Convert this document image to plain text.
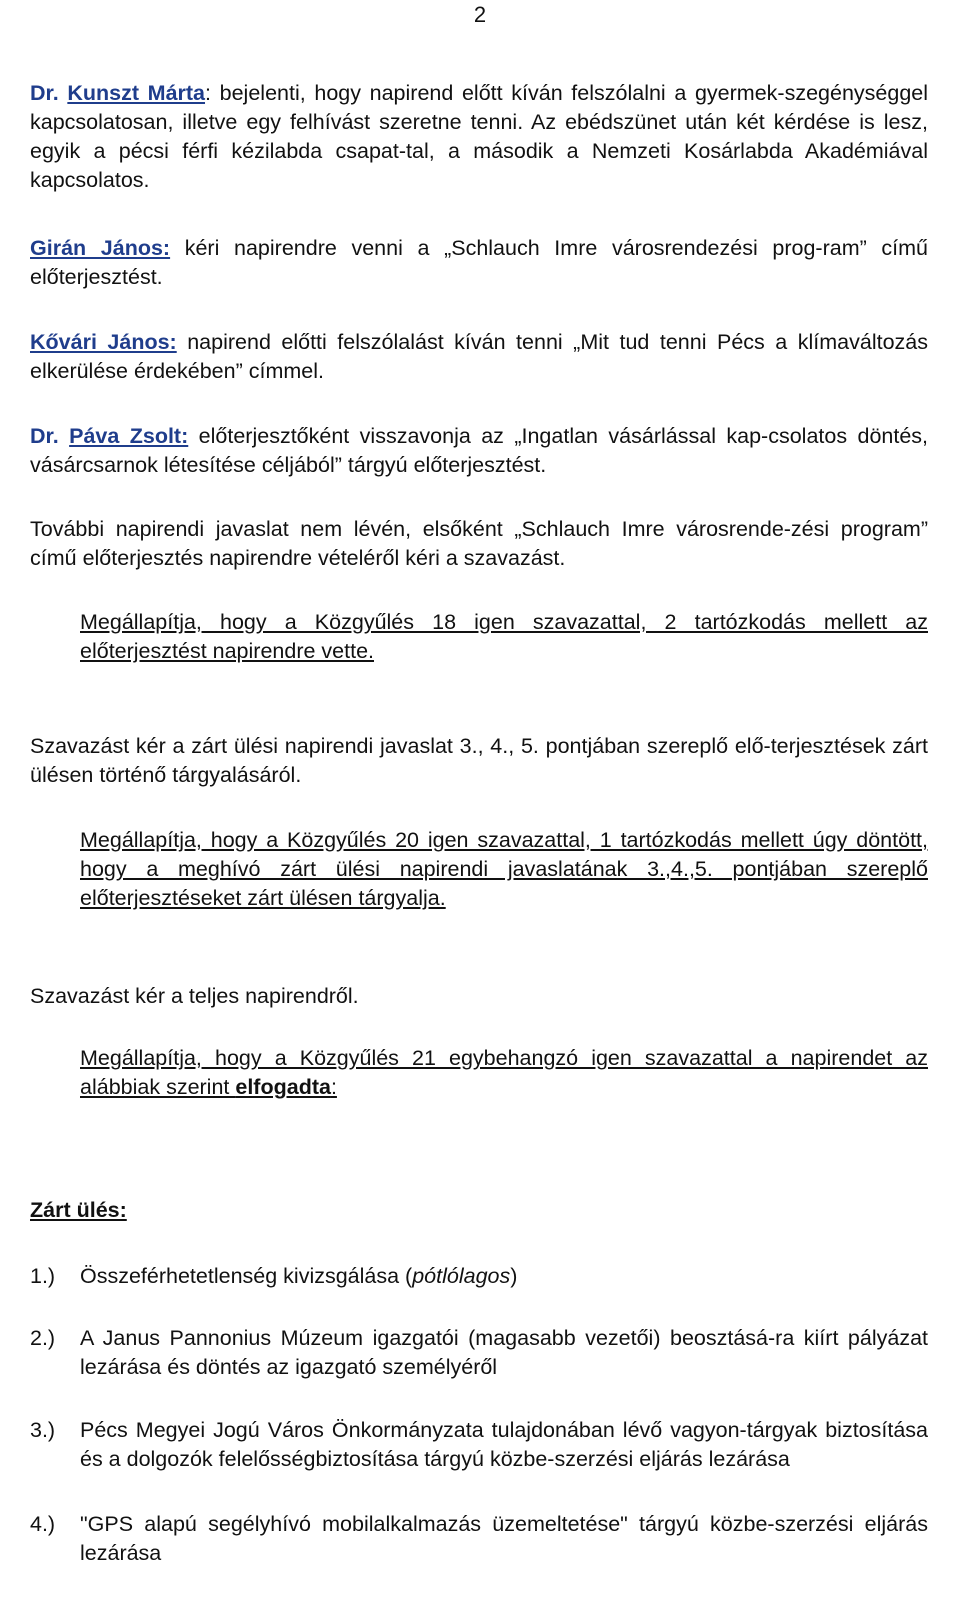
2

Dr. Kunszt Márta: bejelenti, hogy napirend előtt kíván felszólalni a gyermek-szegénységgel kapcsolatosan, illetve egy felhívást szeretne tenni. Az ebédszünet után két kérdése is lesz, egyik a pécsi férfi kézilabda csapat-tal, a második a Nemzeti Kosárlabda Akadémiával kapcsolatos.

Girán János: kéri napirendre venni a „Schlauch Imre városrendezési prog-ram” című előterjesztést.

Kővári János: napirend előtti felszólalást kíván tenni „Mit tud tenni Pécs a klímaváltozás elkerülése érdekében” címmel.

Dr. Páva Zsolt: előterjesztőként visszavonja az „Ingatlan vásárlással kap-csolatos döntés, vásárcsarnok létesítése céljából” tárgyú előterjesztést.

További napirendi javaslat nem lévén, elsőként „Schlauch Imre városrende-zési program” című előterjesztés napirendre vételéről kéri a szavazást.

Megállapítja, hogy a Közgyűlés 18 igen szavazattal, 2 tartózkodás mellett az előterjesztést napirendre vette.

Szavazást kér a zárt ülési napirendi javaslat 3., 4., 5. pontjában szereplő elő-terjesztések zárt ülésen történő tárgyalásáról.

Megállapítja, hogy a Közgyűlés 20 igen szavazattal, 1 tartózkodás mellett úgy döntött, hogy a meghívó zárt ülési napirendi javaslatának 3.,4.,5. pontjában szereplő előterjesztéseket zárt ülésen tárgyalja.

Szavazást kér a teljes napirendről.

Megállapítja, hogy a Közgyűlés 21 egybehangzó igen szavazattal a napirendet az alábbiak szerint elfogadta:

Zárt ülés:
1.) Összeférhetetlenség kivizsgálása (pótlólagos)
2.) A Janus Pannonius Múzeum igazgatói (magasabb vezetői) beosztásá-ra kiírt pályázat lezárása és döntés az igazgató személyéről
3.) Pécs Megyei Jogú Város Önkormányzata tulajdonában lévő vagyon-tárgyak biztosítása és a dolgozók felelősségbiztosítása tárgyú közbe-szerzési eljárás lezárása
4.) "GPS alapú segélyhívó mobilalkalmazás üzemeltetése" tárgyú közbe-szerzési eljárás lezárása
